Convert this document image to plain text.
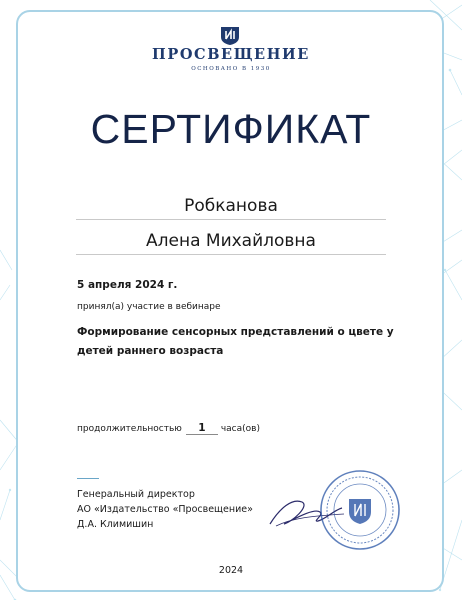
ПРОСВЕЩЕНИЕ
ОСНОВАНО В 1930
СЕРТИФИКАТ
Робканова
Алена Михайловна
5 апреля 2024 г.
принял(а) участие в вебинаре
Формирование сенсорных представлений о цвете у детей раннего возраста
продолжительностью	1	часа(ов)
Генеральный директор
АО «Издательство «Просвещение»
Д.А. Климишин
2024
